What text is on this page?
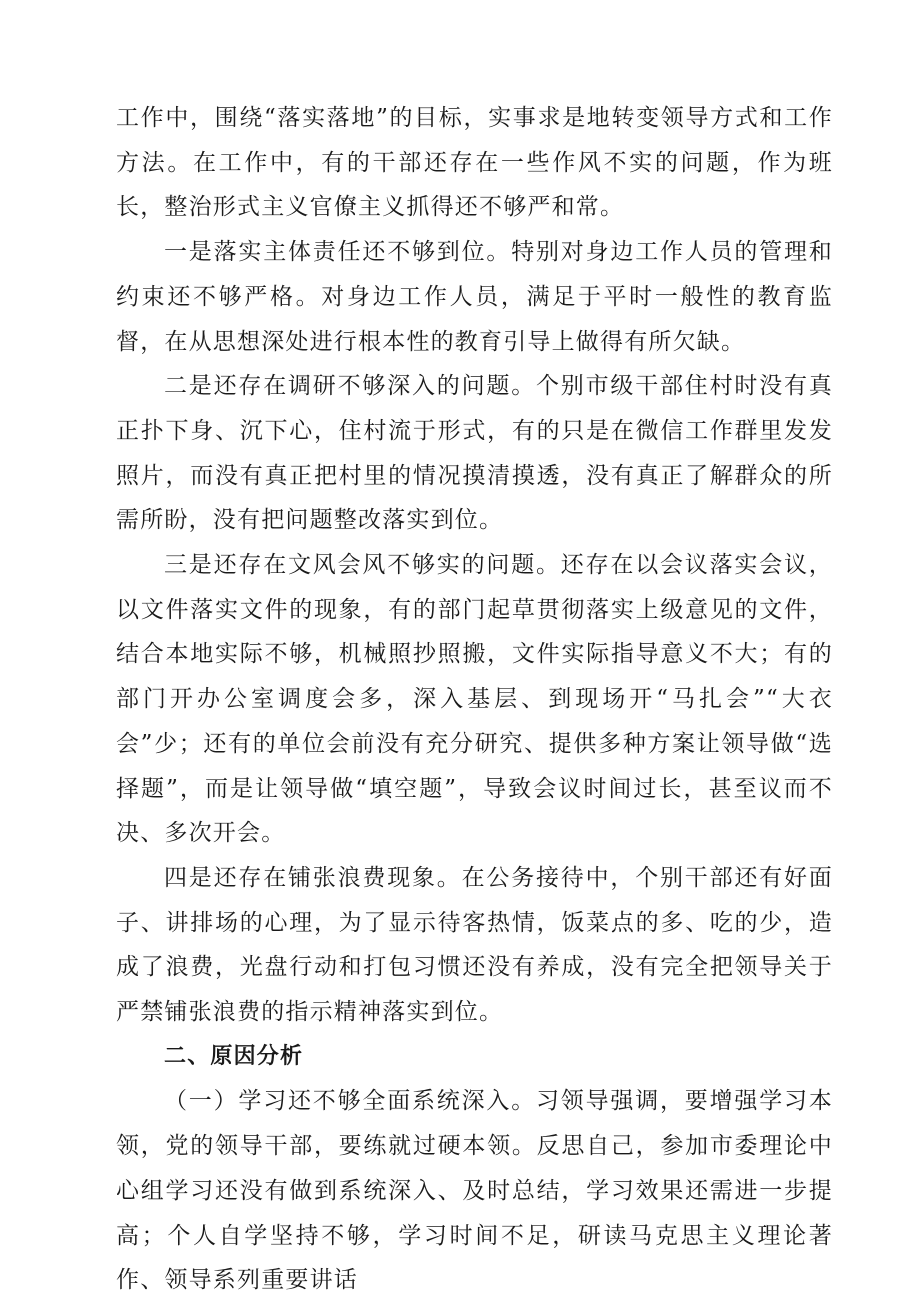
工作中，围绕“落实落地”的目标，实事求是地转变领导方式和工作方法。在工作中，有的干部还存在一些作风不实的问题，作为班长，整治形式主义官僚主义抓得还不够严和常。

一是落实主体责任还不够到位。特别对身边工作人员的管理和约束还不够严格。对身边工作人员，满足于平时一般性的教育监督，在从思想深处进行根本性的教育引导上做得有所欠缺。

二是还存在调研不够深入的问题。个别市级干部住村时没有真正扑下身、沉下心，住村流于形式，有的只是在微信工作群里发发照片，而没有真正把村里的情况摸清摸透，没有真正了解群众的所需所盼，没有把问题整改落实到位。

三是还存在文风会风不够实的问题。还存在以会议落实会议，以文件落实文件的现象，有的部门起草贯彻落实上级意见的文件，结合本地实际不够，机械照抄照搬，文件实际指导意义不大；有的部门开办公室调度会多，深入基层、到现场开“马扎会”“大衣会”少；还有的单位会前没有充分研究、提供多种方案让领导做“选择题”，而是让领导做“填空题”，导致会议时间过长，甚至议而不决、多次开会。

四是还存在铺张浪费现象。在公务接待中，个别干部还有好面子、讲排场的心理，为了显示待客热情，饭菜点的多、吃的少，造成了浪费，光盘行动和打包习惯还没有养成，没有完全把领导关于严禁铺张浪费的指示精神落实到位。

二、原因分析

（一）学习还不够全面系统深入。习领导强调，要增强学习本领，党的领导干部，要练就过硬本领。反思自己，参加市委理论中心组学习还没有做到系统深入、及时总结，学习效果还需进一步提高；个人自学坚持不够，学习时间不足，研读马克思主义理论著作、领导系列重要讲话
